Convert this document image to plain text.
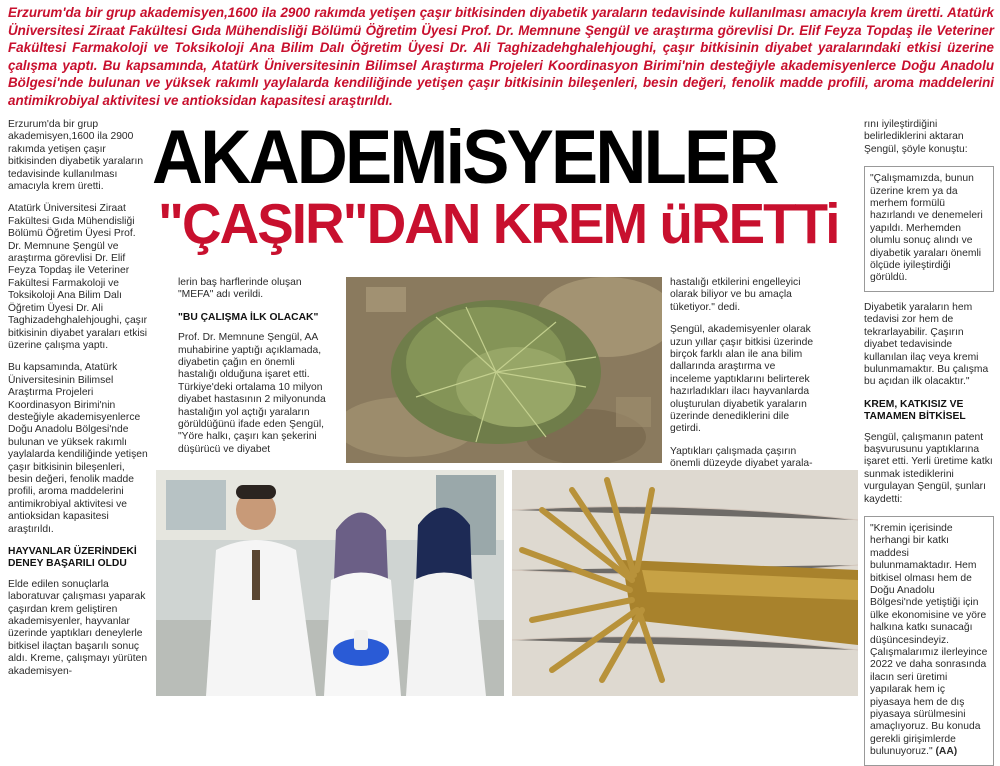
Erzurum'da bir grup akademisyen,1600 ila 2900 rakımda yetişen çaşır bitkisinden diyabetik yaraların tedavisinde kullanılması amacıyla krem üretti. Atatürk Üniversitesi Ziraat Fakültesi Gıda Mühendisliği Bölümü Öğretim Üyesi Prof. Dr. Memnune Şengül ve araştırma görevlisi Dr. Elif Feyza Topdaş ile Veteriner Fakültesi Farmakoloji ve Toksikoloji Ana Bilim Dalı Öğretim Üyesi Dr. Ali Taghizadehghalehjoughi, çaşır bitkisinin diyabet yaralarındaki etkisi üzerine çalışma yaptı. Bu kapsamında, Atatürk Üniversitesinin Bilimsel Araştırma Projeleri Koordinasyon Birimi'nin desteğiyle akademisyenlerce Doğu Anadolu Bölgesi'nde bulunan ve yüksek rakımlı yaylalarda kendiliğinde yetişen çaşır bitkisinin bileşenleri, besin değeri, fenolik madde profili, aroma maddelerini antimikrobiyal aktivitesi ve antioksidan kapasitesi araştırıldı.

AKADEMiSYENLER
"ÇAŞIR"DAN KREM üRETTi

Erzurum'da bir grup akademisyen,1600 ila 2900 rakımda yetişen çaşır bitkisinden diyabetik yaraların tedavisinde kullanılması amacıyla krem üretti.

Atatürk Üniversitesi Ziraat Fakültesi Gıda Mühendisliği Bölümü Öğretim Üyesi Prof. Dr. Memnune Şengül ve araştırma görevlisi Dr. Elif Feyza Topdaş ile Veteriner Fakültesi Farmakoloji ve Toksikoloji Ana Bilim Dalı Öğretim Üyesi Dr. Ali Taghizadehghalehjoughi, çaşır bitkisinin diyabet yaraları etkisi üzerine çalışma yaptı.

Bu kapsamında, Atatürk Üniversitesinin Bilimsel Araştırma Projeleri Koordinasyon Birimi'nin desteğiyle akademisyenlerce Doğu Anadolu Bölgesi'nde bulunan ve yüksek rakımlı yaylalarda kendiliğinde yetişen çaşır bitkisinin bileşenleri, besin değeri, fenolik madde profili, aroma maddelerini antimikrobiyal aktivitesi ve antioksidan kapasitesi araştırıldı.

HAYVANLAR ÜZERİNDEKİ DENEY BAŞARILI OLDU

Elde edilen sonuçlarla laboratuvar çalışması yaparak çaşırdan krem geliştiren akademisyenler, hayvanlar üzerinde yaptıkları deneylerle bitkisel ilaçtan başarılı sonuç aldı. Kreme, çalışmayı yürüten akademisyen-

lerin baş harflerinde oluşan "MEFA" adı verildi.

"BU ÇALIŞMA İLK OLACAK"

Prof. Dr. Memnune Şengül, AA muhabirine yaptığı açıklamada, diyabetin çağın en önemli hastalığı olduğuna işaret etti. Türkiye'deki ortalama 10 milyon diyabet hastasının 2 milyonunda hastalığın yol açtığı yaraların görüldüğünü ifade eden Şengül, "Yöre halkı, çaşırı kan şekerini düşürücü ve diyabet

hastalığı etkilerini engelleyici olarak biliyor ve bu amaçla tüketiyor." dedi.

Şengül, akademisyenler olarak uzun yıllar çaşır bitkisi üzerinde birçok farklı alan ile ana bilim dallarında araştırma ve inceleme yaptıklarını belirterek hazırladıkları ilacı hayvanlarda oluşturulan diyabetik yaraların üzerinde denediklerini dile getirdi.

Yaptıkları çalışmada çaşırın önemli düzeyde diyabet yarala-

rını iyileştirdiğini belirlediklerini aktaran Şengül, şöyle konuştu:

"Çalışmamızda, bunun üzerine krem ya da merhem formülü hazırlandı ve denemeleri yapıldı. Merhemden olumlu sonuç alındı ve diyabetik yaraları önemli ölçüde iyileştirdiği görüldü.

Diyabetik yaraların hem tedavisi zor hem de tekrarlayabilir. Çaşırın diyabet tedavisinde kullanılan ilaç veya kremi bulunmamaktır. Bu çalışma bu açıdan ilk olacaktır."

KREM, KATKISIZ VE TAMAMEN BİTKİSEL

Şengül, çalışmanın patent başvurusunu yaptıklarına işaret etti. Yerli üretime katkı sunmak istediklerini vurgulayan Şengül, şunları kaydetti:

"Kremin içerisinde herhangi bir katkı maddesi bulunmamaktadır. Hem bitkisel olması hem de Doğu Anadolu Bölgesi'nde yetiştiği için ülke ekonomisine ve yöre halkına katkı sunacağı düşüncesindeyiz. Çalışmalarımız ilerleyince 2022 ve daha sonrasında ilacın seri üretimi yapılarak hem iç piyasaya hem de dış piyasaya sürülmesini amaçlıyoruz. Bu konuda gerekli girişimlerde bulunuyoruz." (AA)
